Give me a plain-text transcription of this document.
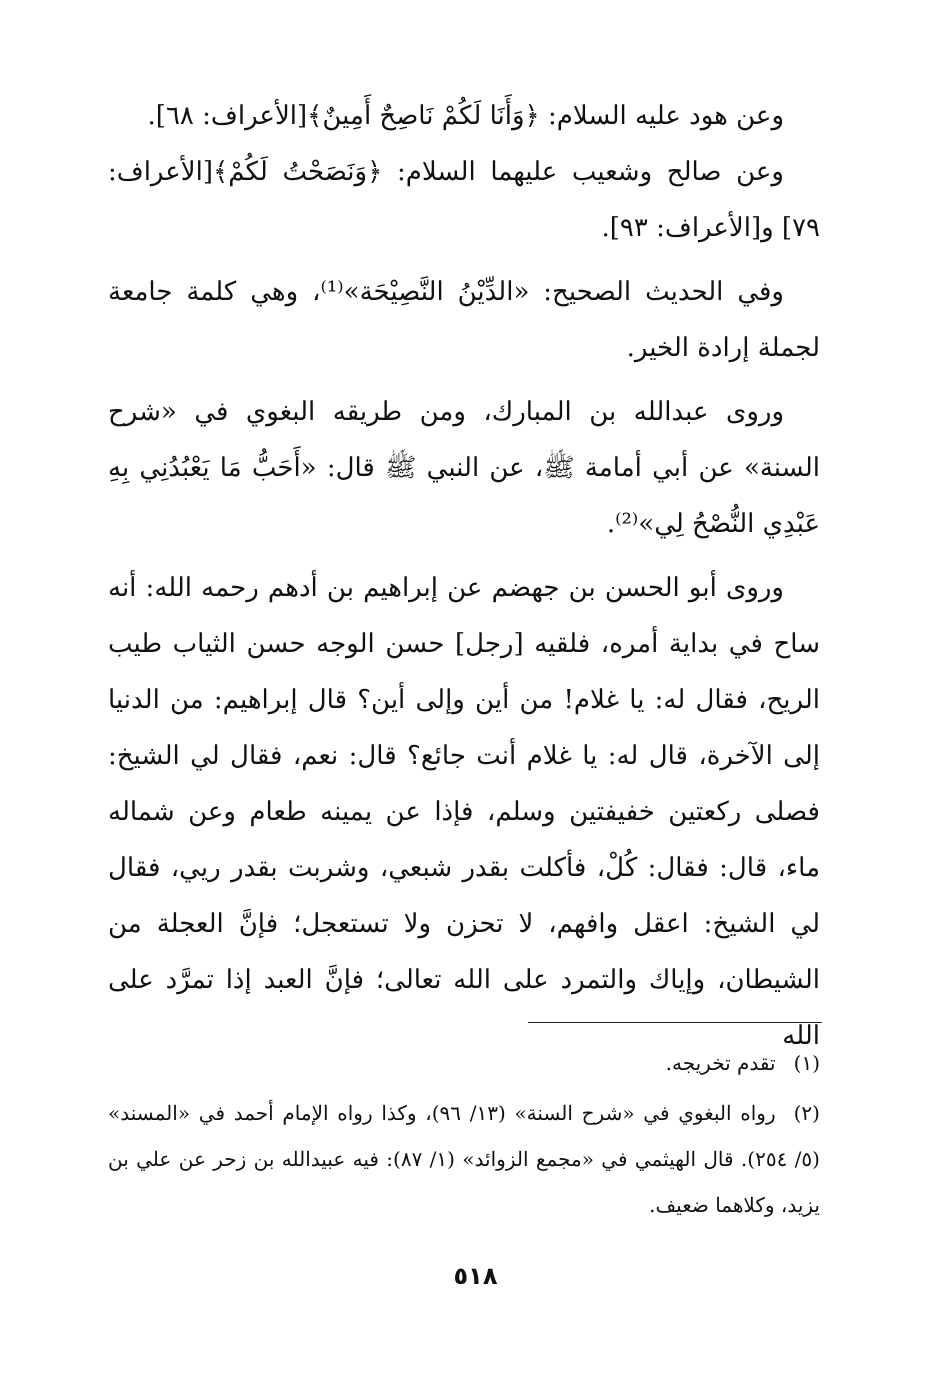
وعن هود عليه السلام: ﴿وَأَنَا لَكُمْ نَاصِحٌ أَمِينٌ﴾[الأعراف: ٦٨].

وعن صالح وشعيب عليهما السلام: ﴿وَنَصَحْتُ لَكُمْ﴾[الأعراف: ٧٩] و[الأعراف: ٩٣].

وفي الحديث الصحيح: «الدِّيْنُ النَّصِيْحَة»⁽¹⁾، وهي كلمة جامعة لجملة إرادة الخير.

وروى عبدالله بن المبارك، ومن طريقه البغوي في «شرح السنة» عن أبي أمامة ﷺ، عن النبي ﷺ قال: «أَحَبُّ مَا يَعْبُدُنِي بِهِ عَبْدِي النُّصْحُ لِي»⁽²⁾.

وروى أبو الحسن بن جهضم عن إبراهيم بن أدهم رحمه الله: أنه ساح في بداية أمره، فلقيه [رجل] حسن الوجه حسن الثياب طيب الريح، فقال له: يا غلام! من أين وإلى أين؟ قال إبراهيم: من الدنيا إلى الآخرة، قال له: يا غلام أنت جائع؟ قال: نعم، فقال لي الشيخ: فصلى ركعتين خفيفتين وسلم، فإذا عن يمينه طعام وعن شماله ماء، قال: فقال: كُلْ، فأكلت بقدر شبعي، وشربت بقدر ريي، فقال لي الشيخ: اعقل وافهم، لا تحزن ولا تستعجل؛ فإنَّ العجلة من الشيطان، وإياك والتمرد على الله تعالى؛ فإنَّ العبد إذا تمرَّد على الله

(١)تقدم تخريجه.

(٢)رواه البغوي في «شرح السنة» (١٣/ ٩٦)، وكذا رواه الإمام أحمد في «المسند» (٥/ ٢٥٤). قال الهيثمي في «مجمع الزوائد» (١/ ٨٧): فيه عبيدالله بن زحر عن علي بن يزيد، وكلاهما ضعيف.

٥١٨
